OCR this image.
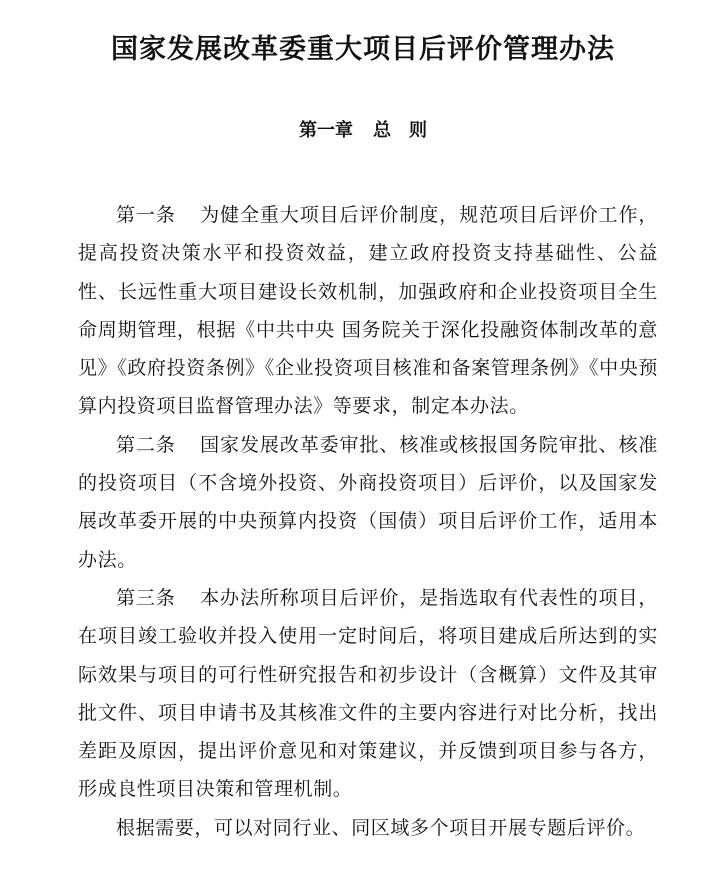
国家发展改革委重大项目后评价管理办法
第一章 总　则

第一条 为健全重大项目后评价制度，规范项目后评价工作，提高投资决策水平和投资效益，建立政府投资支持基础性、公益性、长远性重大项目建设长效机制，加强政府和企业投资项目全生命周期管理，根据《中共中央 国务院关于深化投融资体制改革的意见》《政府投资条例》《企业投资项目核准和备案管理条例》《中央预算内投资项目监督管理办法》等要求，制定本办法。

第二条 国家发展改革委审批、核准或核报国务院审批、核准的投资项目（不含境外投资、外商投资项目）后评价，以及国家发展改革委开展的中央预算内投资（国债）项目后评价工作，适用本办法。

第三条 本办法所称项目后评价，是指选取有代表性的项目，在项目竣工验收并投入使用一定时间后，将项目建成后所达到的实际效果与项目的可行性研究报告和初步设计（含概算）文件及其审批文件、项目申请书及其核准文件的主要内容进行对比分析，找出差距及原因，提出评价意见和对策建议，并反馈到项目参与各方，形成良性项目决策和管理机制。

根据需要，可以对同行业、同区域多个项目开展专题后评价。
